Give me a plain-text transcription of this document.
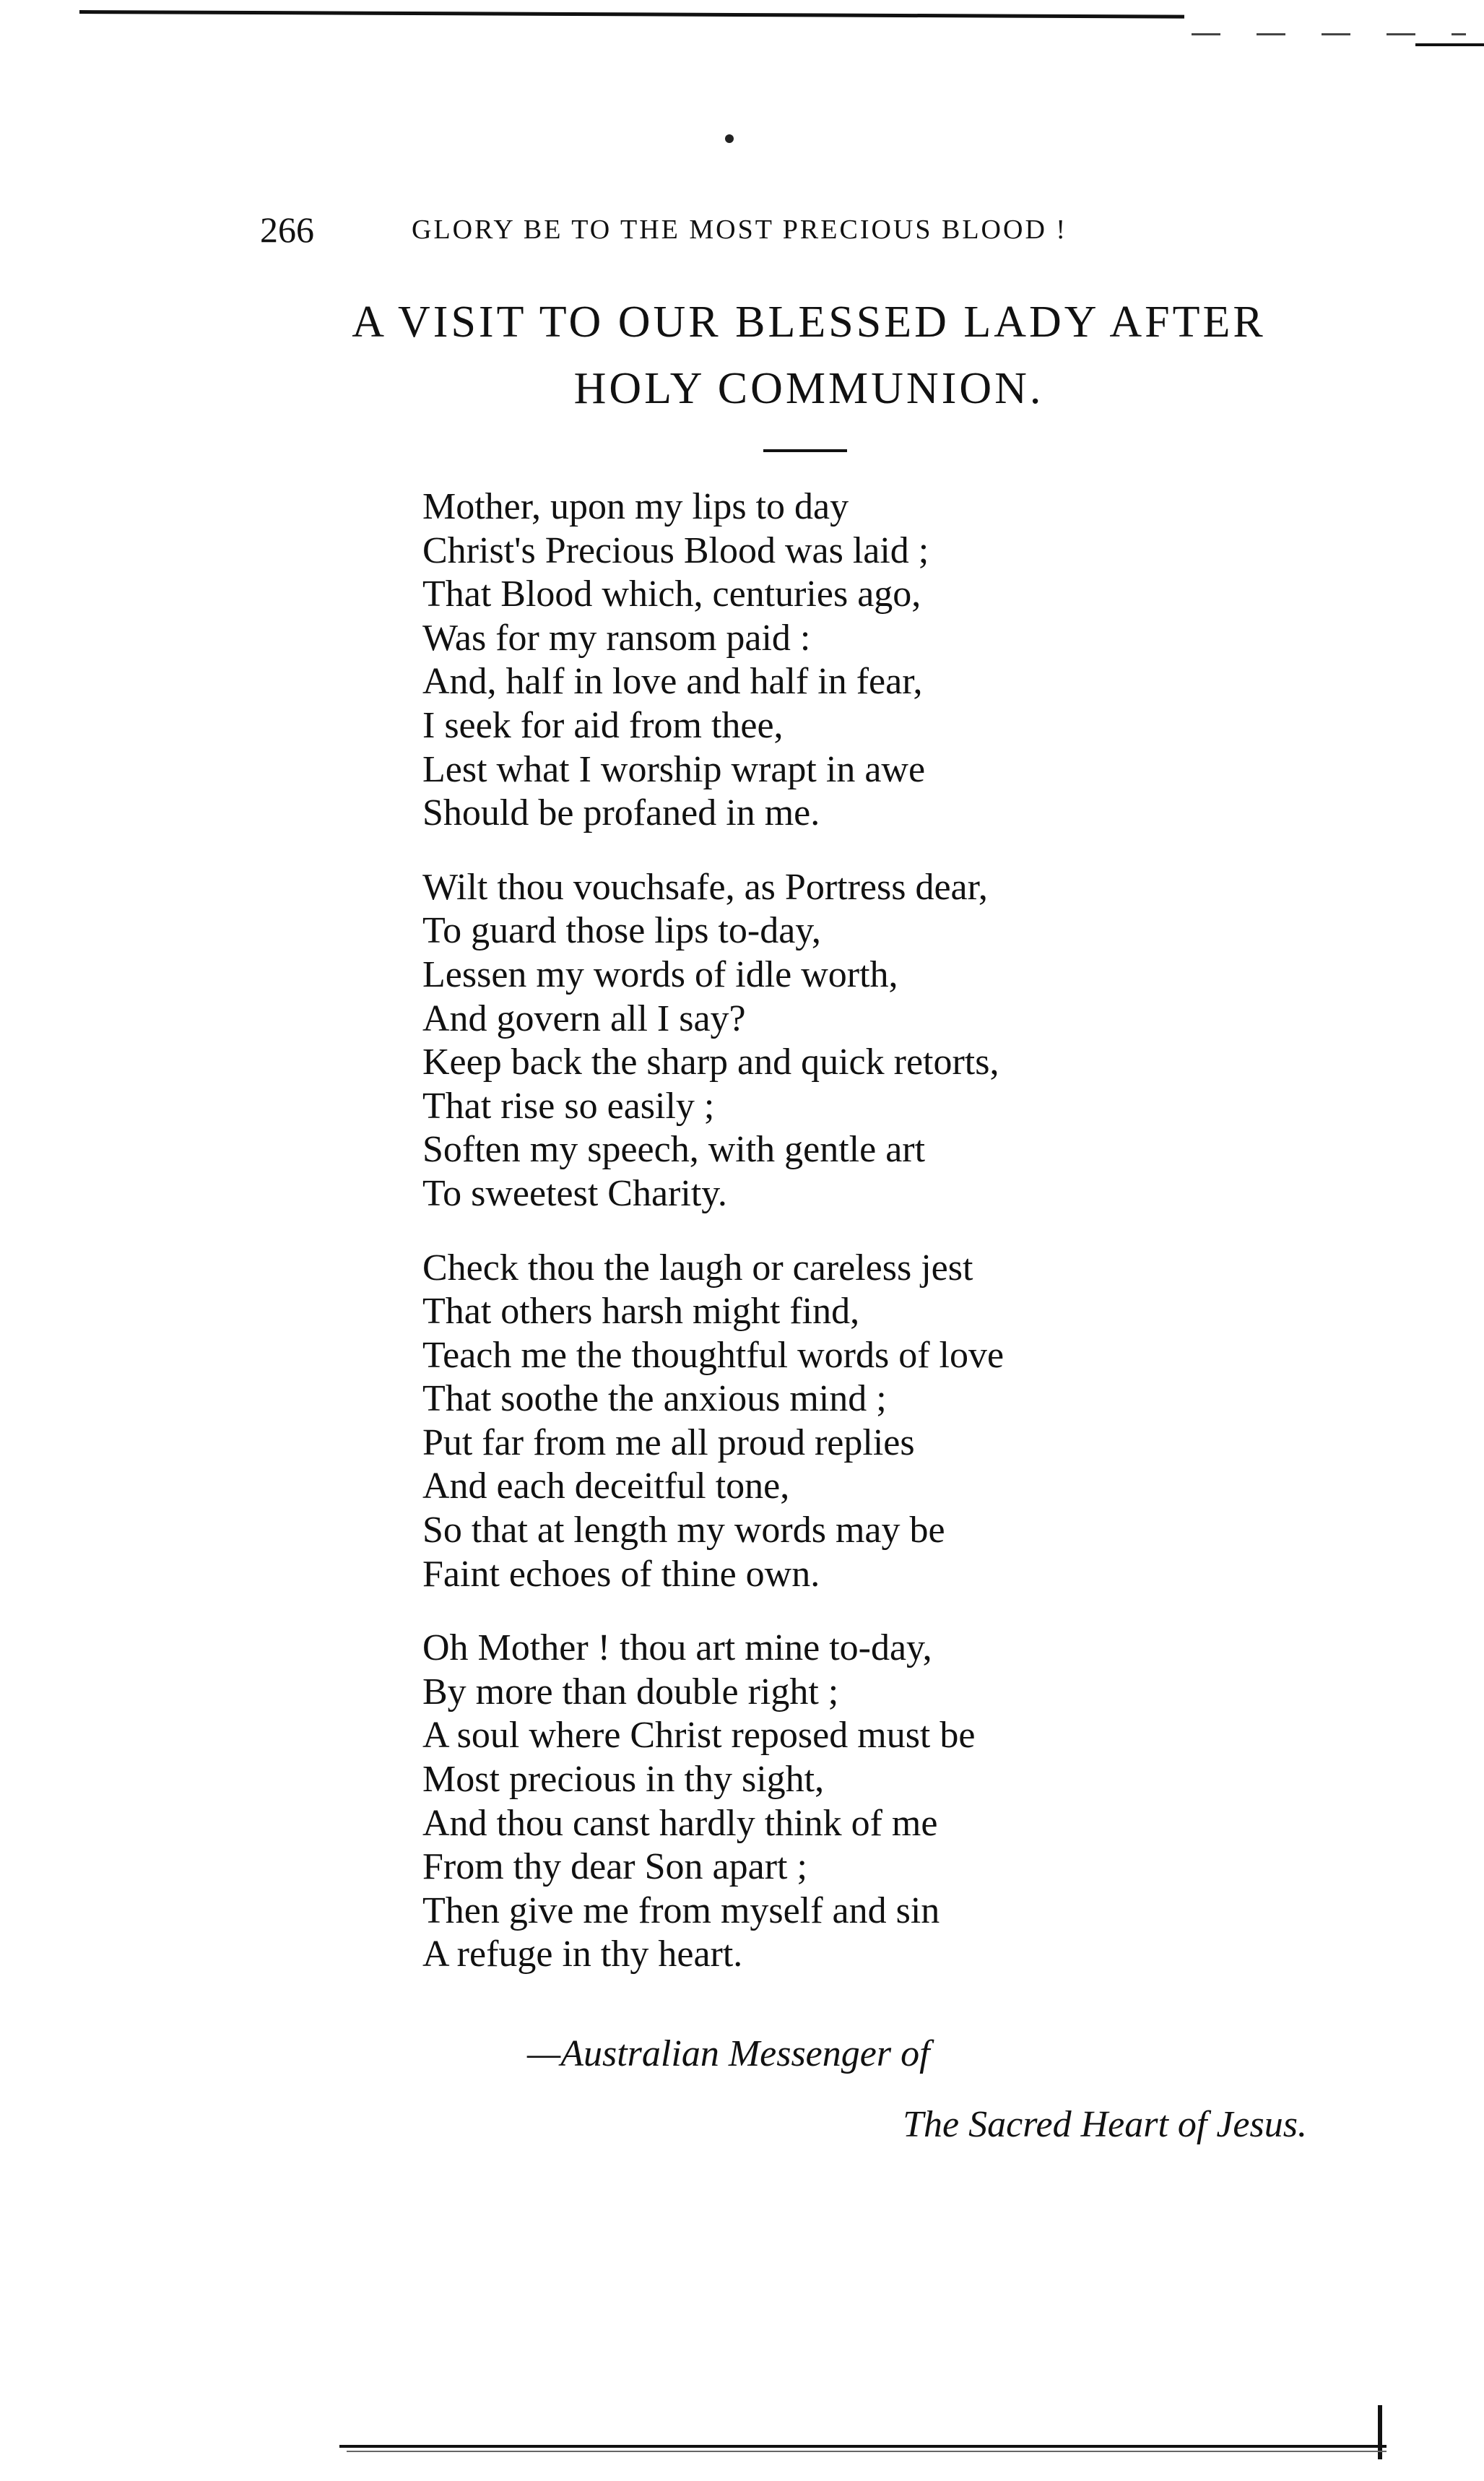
266	GLORY BE TO THE MOST PRECIOUS BLOOD !
A VISIT TO OUR BLESSED LADY AFTER
HOLY COMMUNION.
Mother, upon my lips to day
Christ's Precious Blood was laid ;
That Blood which, centuries ago,
Was for my ransom paid :
And, half in love and half in fear,
I seek for aid from thee,
Lest what I worship wrapt in awe
Should be profaned in me.
Wilt thou vouchsafe, as Portress dear,
To guard those lips to-day,
Lessen my words of idle worth,
And govern all I say?
Keep back the sharp and quick retorts,
That rise so easily ;
Soften my speech, with gentle art
To sweetest Charity.
Check thou the laugh or careless jest
That others harsh might find,
Teach me the thoughtful words of love
That soothe the anxious mind ;
Put far from me all proud replies
And each deceitful tone,
So that at length my words may be
Faint echoes of thine own.
Oh Mother ! thou art mine to-day,
By more than double right ;
A soul where Christ reposed must be
Most precious in thy sight,
And thou canst hardly think of me
From thy dear Son apart ;
Then give me from myself and sin
A refuge in thy heart.
—Australian Messenger of
The Sacred Heart of Jesus.
